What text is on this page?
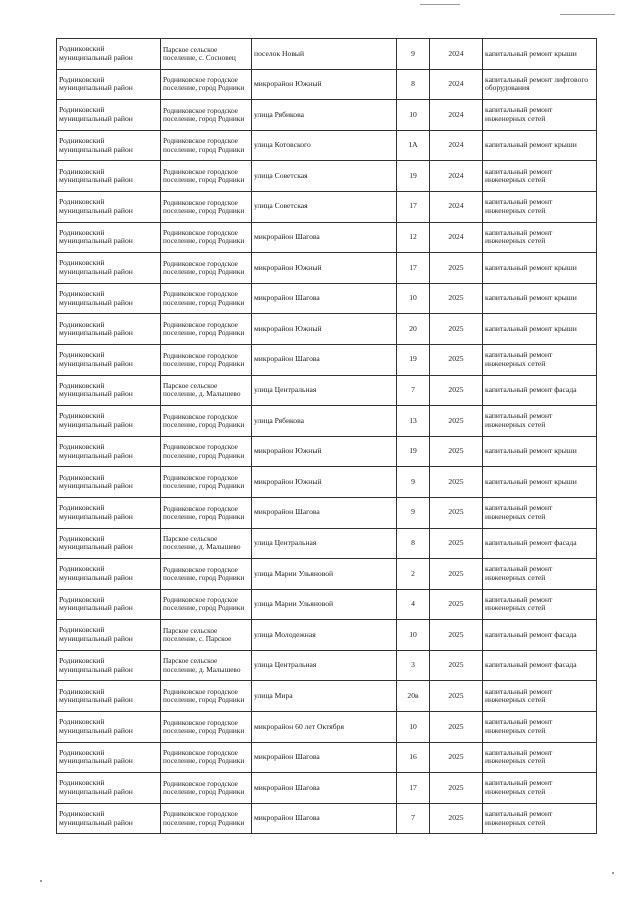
Родниковский муниципальный район	Парское сельское поселение, с. Сосновец	поселок Новый	9	2024	капитальный ремонт крыши
Родниковский муниципальный район	Родниковское городское поселение, город Родники	микрорайон Южный	8	2024	капитальный ремонт лифтового оборудования
Родниковский муниципальный район	Родниковское городское поселение, город Родники	улица Рябикова	10	2024	капитальный ремонт инженерных сетей
Родниковский муниципальный район	Родниковское городское поселение, город Родники	улица Котовского	1А	2024	капитальный ремонт крыши
Родниковский муниципальный район	Родниковское городское поселение, город Родники	улица Советская	19	2024	капитальный ремонт инженерных сетей
Родниковский муниципальный район	Родниковское городское поселение, город Родники	улица Советская	17	2024	капитальный ремонт инженерных сетей
Родниковский муниципальный район	Родниковское городское поселение, город Родники	микрорайон Шагова	12	2024	капитальный ремонт инженерных сетей
Родниковский муниципальный район	Родниковское городское поселение, город Родники	микрорайон Южный	17	2025	капитальный ремонт крыши
Родниковский муниципальный район	Родниковское городское поселение, город Родники	микрорайон Шагова	10	2025	капитальный ремонт крыши
Родниковский муниципальный район	Родниковское городское поселение, город Родники	микрорайон Южный	20	2025	капитальный ремонт крыши
Родниковский муниципальный район	Родниковское городское поселение, город Родники	микрорайон Шагова	19	2025	капитальный ремонт инженерных сетей
Родниковский муниципальный район	Парское сельское поселение, д. Малышево	улица Центральная	7	2025	капитальный ремонт фасада
Родниковский муниципальный район	Родниковское городское поселение, город Родники	улица Рябикова	13	2025	капитальный ремонт инженерных сетей
Родниковский муниципальный район	Родниковское городское поселение, город Родники	микрорайон Южный	19	2025	капитальный ремонт крыши
Родниковский муниципальный район	Родниковское городское поселение, город Родники	микрорайон Южный	9	2025	капитальный ремонт крыши
Родниковский муниципальный район	Родниковское городское поселение, город Родники	микрорайон Шагова	9	2025	капитальный ремонт инженерных сетей
Родниковский муниципальный район	Парское сельское поселение, д. Малышево	улица Центральная	8	2025	капитальный ремонт фасада
Родниковский муниципальный район	Родниковское городское поселение, город Родники	улица Марии Ульяновой	2	2025	капитальный ремонт инженерных сетей
Родниковский муниципальный район	Родниковское городское поселение, город Родники	улица Марии Ульяновой	4	2025	капитальный ремонт инженерных сетей
Родниковский муниципальный район	Парское сельское поселение, с. Парское	улица Молодежная	10	2025	капитальный ремонт фасада
Родниковский муниципальный район	Парское сельское поселение, д. Малышево	улица Центральная	3	2025	капитальный ремонт фасада
Родниковский муниципальный район	Родниковское городское поселение, город Родники	улица Мира	20в	2025	капитальный ремонт инженерных сетей
Родниковский муниципальный район	Родниковское городское поселение, город Родники	микрорайон 60 лет Октября	10	2025	капитальный ремонт инженерных сетей
Родниковский муниципальный район	Родниковское городское поселение, город Родники	микрорайон Шагова	16	2025	капитальный ремонт инженерных сетей
Родниковский муниципальный район	Родниковское городское поселение, город Родники	микрорайон Шагова	17	2025	капитальный ремонт инженерных сетей
Родниковский муниципальный район	Родниковское городское поселение, город Родники	микрорайон Шагова	7	2025	капитальный ремонт инженерных сетей
